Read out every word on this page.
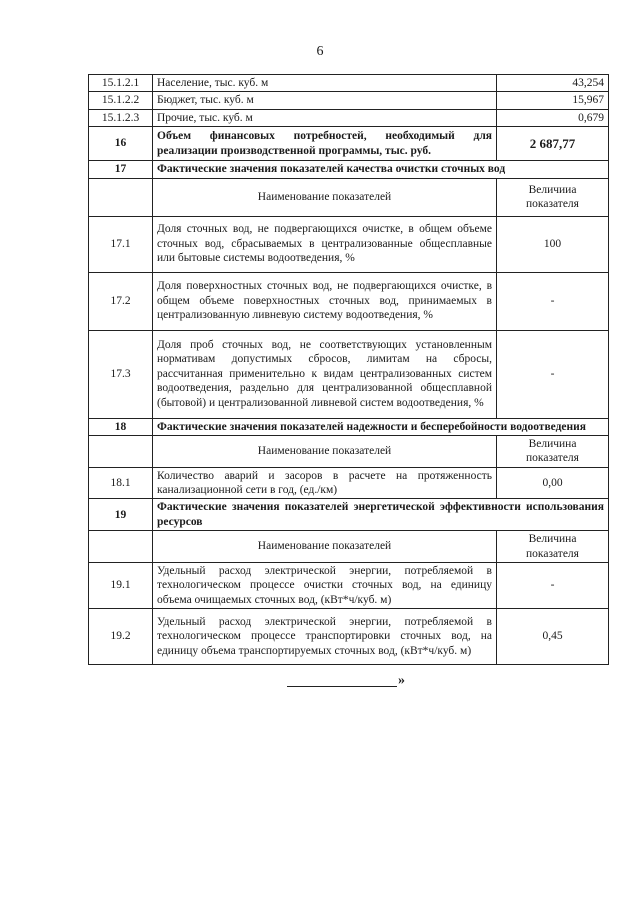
6
15.1.2.1	Население, тыс. куб. м	43,254
15.1.2.2	Бюджет, тыс. куб. м	15,967
15.1.2.3	Прочие, тыс. куб. м	0,679
16	Объем финансовых потребностей, необходимый для реализации производственной программы, тыс. руб.	2 687,77
17	Фактические значения показателей качества очистки сточных вод	
	Наименование показателей	Величииа показателя
17.1	Доля сточных вод, не подвергающихся очистке, в общем объеме сточных вод, сбрасываемых в централизованные общесплавные или бытовые системы водоотведения, %	100
17.2	Доля поверхностных сточных вод, не подвергающихся очистке, в общем объеме поверхностных сточных вод, принимаемых в централизованную ливневую систему водоотведения, %	-
17.3	Доля проб сточных вод, не соответствующих установленным нормативам допустимых сбросов, лимитам на сбросы, рассчитанная применительно к видам централизованных систем водоотведения, раздельно для централизованной общесплавной (бытовой) и централизованной ливневой систем водоотведения, %	-
18	Фактические значения показателей надежности и бесперебойности водоотведения	
	Наименование показателей	Величина показателя
18.1	Количество аварий и засоров в расчете на протяженность канализационной сети в год, (ед./км)	0,00
19	Фактические значения показателей энергетической эффективности использования ресурсов	
	Наименование показателей	Величина показателя
19.1	Удельный расход электрической энергии, потребляемой в технологическом процессе очистки сточных вод, на единицу объема очищаемых сточных вод, (кВт*ч/куб. м)	-
19.2	Удельный расход электрической энергии, потребляемой в технологическом процессе транспортировки сточных вод, на единицу объема транспортируемых сточных вод, (кВт*ч/куб. м)	0,45
»
